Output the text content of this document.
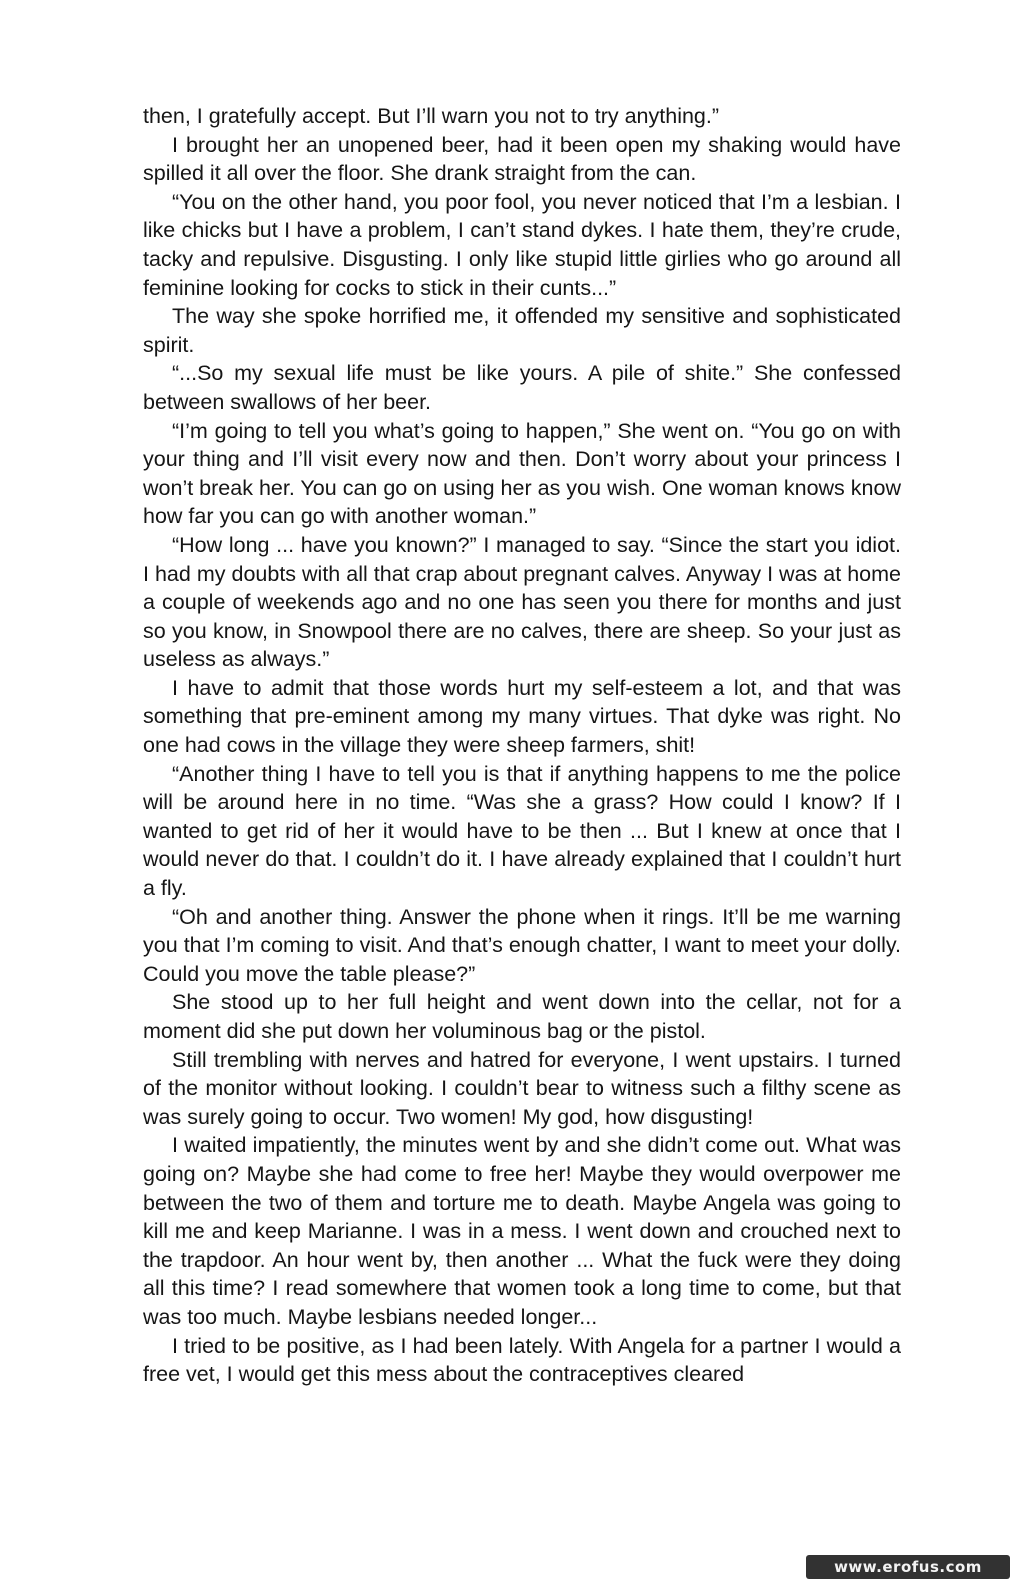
then, I gratefully accept. But I’ll warn you not to try anything.”

I brought her an unopened beer, had it been open my shaking would have spilled it all over the floor. She drank straight from the can.

“You on the other hand, you poor fool, you never noticed that I’m a lesbian. I like chicks but I have a problem, I can’t stand dykes. I hate them, they’re crude, tacky and repulsive. Disgusting. I only like stupid little girlies who go around all feminine looking for cocks to stick in their cunts...”

The way she spoke horrified me, it offended my sensitive and sophisticated spirit.

“...So my sexual life must be like yours. A pile of shite.” She confessed between swallows of her beer.

“I’m going to tell you what’s going to happen,” She went on. “You go on with your thing and I’ll visit every now and then. Don’t worry about your princess I won’t break her. You can go on using her as you wish. One woman knows know how far you can go with another woman.”

“How long ... have you known?” I managed to say. “Since the start you idiot. I had my doubts with all that crap about pregnant calves. Anyway I was at home a couple of weekends ago and no one has seen you there for months and just so you know, in Snowpool there are no calves, there are sheep. So your just as useless as always.”

I have to admit that those words hurt my self-esteem a lot, and that was something that pre-eminent among my many virtues. That dyke was right. No one had cows in the village they were sheep farmers, shit!

“Another thing I have to tell you is that if anything happens to me the police will be around here in no time. “Was she a grass? How could I know? If I wanted to get rid of her it would have to be then ... But I knew at once that I would never do that. I couldn’t do it. I have already explained that I couldn’t hurt a fly.

“Oh and another thing. Answer the phone when it rings. It’ll be me warning you that I’m coming to visit. And that’s enough chatter, I want to meet your dolly. Could you move the table please?”

She stood up to her full height and went down into the cellar, not for a moment did she put down her voluminous bag or the pistol.

Still trembling with nerves and hatred for everyone, I went upstairs. I turned of the monitor without looking. I couldn’t bear to witness such a filthy scene as was surely going to occur. Two women! My god, how disgusting!

I waited impatiently, the minutes went by and she didn’t come out. What was going on? Maybe she had come to free her! Maybe they would overpower me between the two of them and torture me to death. Maybe Angela was going to kill me and keep Marianne. I was in a mess. I went down and crouched next to the trapdoor. An hour went by, then another ... What the fuck were they doing all this time? I read somewhere that women took a long time to come, but that was too much. Maybe lesbians needed longer...

I tried to be positive, as I had been lately. With Angela for a partner I would a free vet, I would get this mess about the contraceptives cleared

www.erofus.com
